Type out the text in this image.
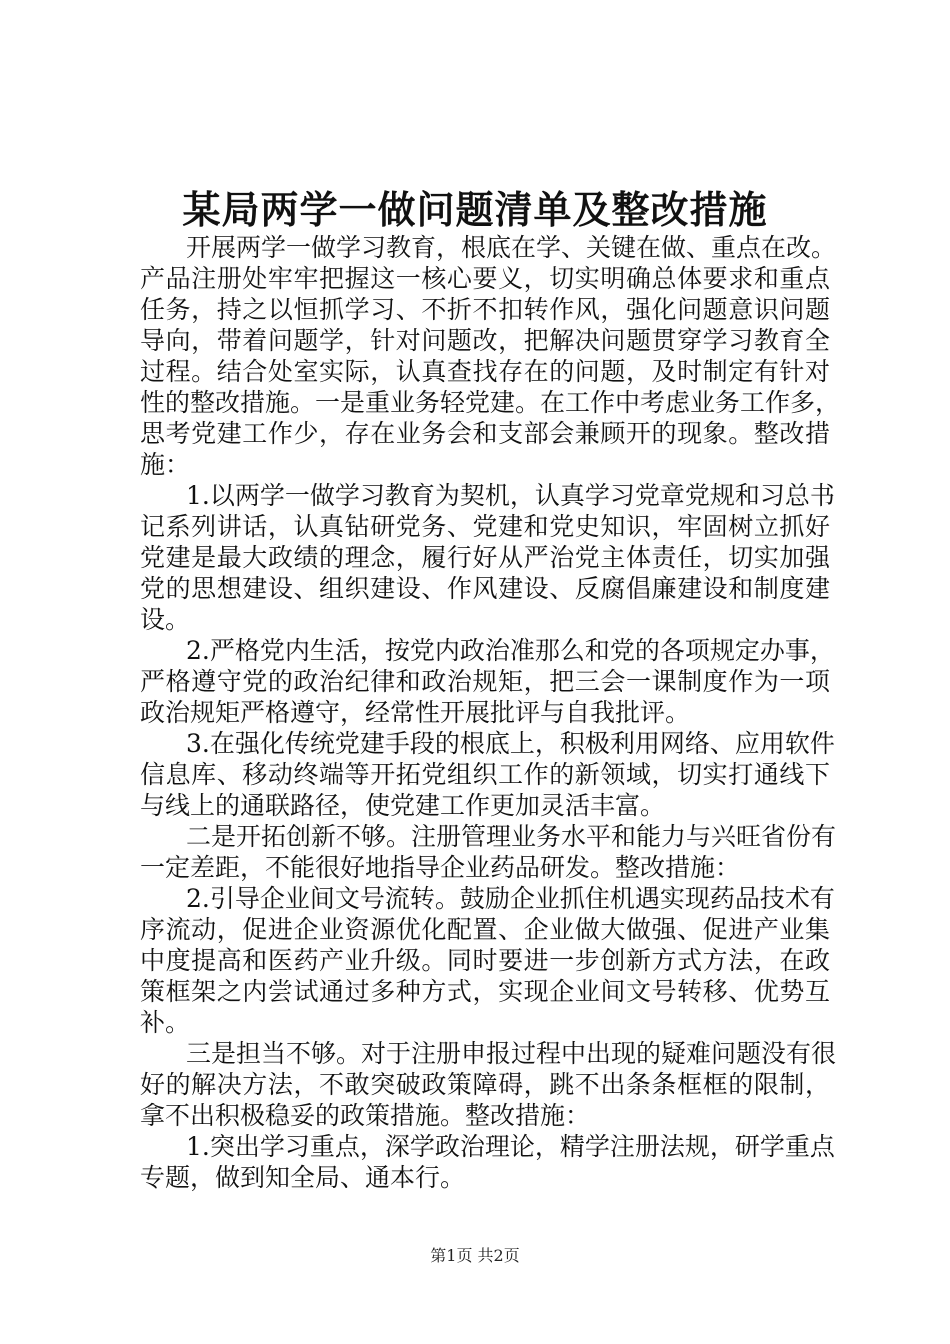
某局两学一做问题清单及整改措施
开展两学一做学习教育，根底在学、关键在做、重点在改。
产品注册处牢牢把握这一核心要义，切实明确总体要求和重点
任务，持之以恒抓学习、不折不扣转作风，强化问题意识问题
导向，带着问题学，针对问题改，把解决问题贯穿学习教育全
过程。结合处室实际，认真查找存在的问题，及时制定有针对
性的整改措施。一是重业务轻党建。在工作中考虑业务工作多，
思考党建工作少，存在业务会和支部会兼顾开的现象。整改措
施：
1.以两学一做学习教育为契机，认真学习党章党规和习总书
记系列讲话，认真钻研党务、党建和党史知识，牢固树立抓好
党建是最大政绩的理念，履行好从严治党主体责任，切实加强
党的思想建设、组织建设、作风建设、反腐倡廉建设和制度建
设。
2.严格党内生活，按党内政治准那么和党的各项规定办事，
严格遵守党的政治纪律和政治规矩，把三会一课制度作为一项
政治规矩严格遵守，经常性开展批评与自我批评。
3.在强化传统党建手段的根底上，积极利用网络、应用软件
信息库、移动终端等开拓党组织工作的新领域，切实打通线下
与线上的通联路径，使党建工作更加灵活丰富。
二是开拓创新不够。注册管理业务水平和能力与兴旺省份有
一定差距，不能很好地指导企业药品研发。整改措施：
2.引导企业间文号流转。鼓励企业抓住机遇实现药品技术有
序流动，促进企业资源优化配置、企业做大做强、促进产业集
中度提高和医药产业升级。同时要进一步创新方式方法，在政
策框架之内尝试通过多种方式，实现企业间文号转移、优势互
补。
三是担当不够。对于注册申报过程中出现的疑难问题没有很
好的解决方法，不敢突破政策障碍，跳不出条条框框的限制，
拿不出积极稳妥的政策措施。整改措施：
1.突出学习重点，深学政治理论，精学注册法规，研学重点
专题，做到知全局、通本行。
第1页 共2页
